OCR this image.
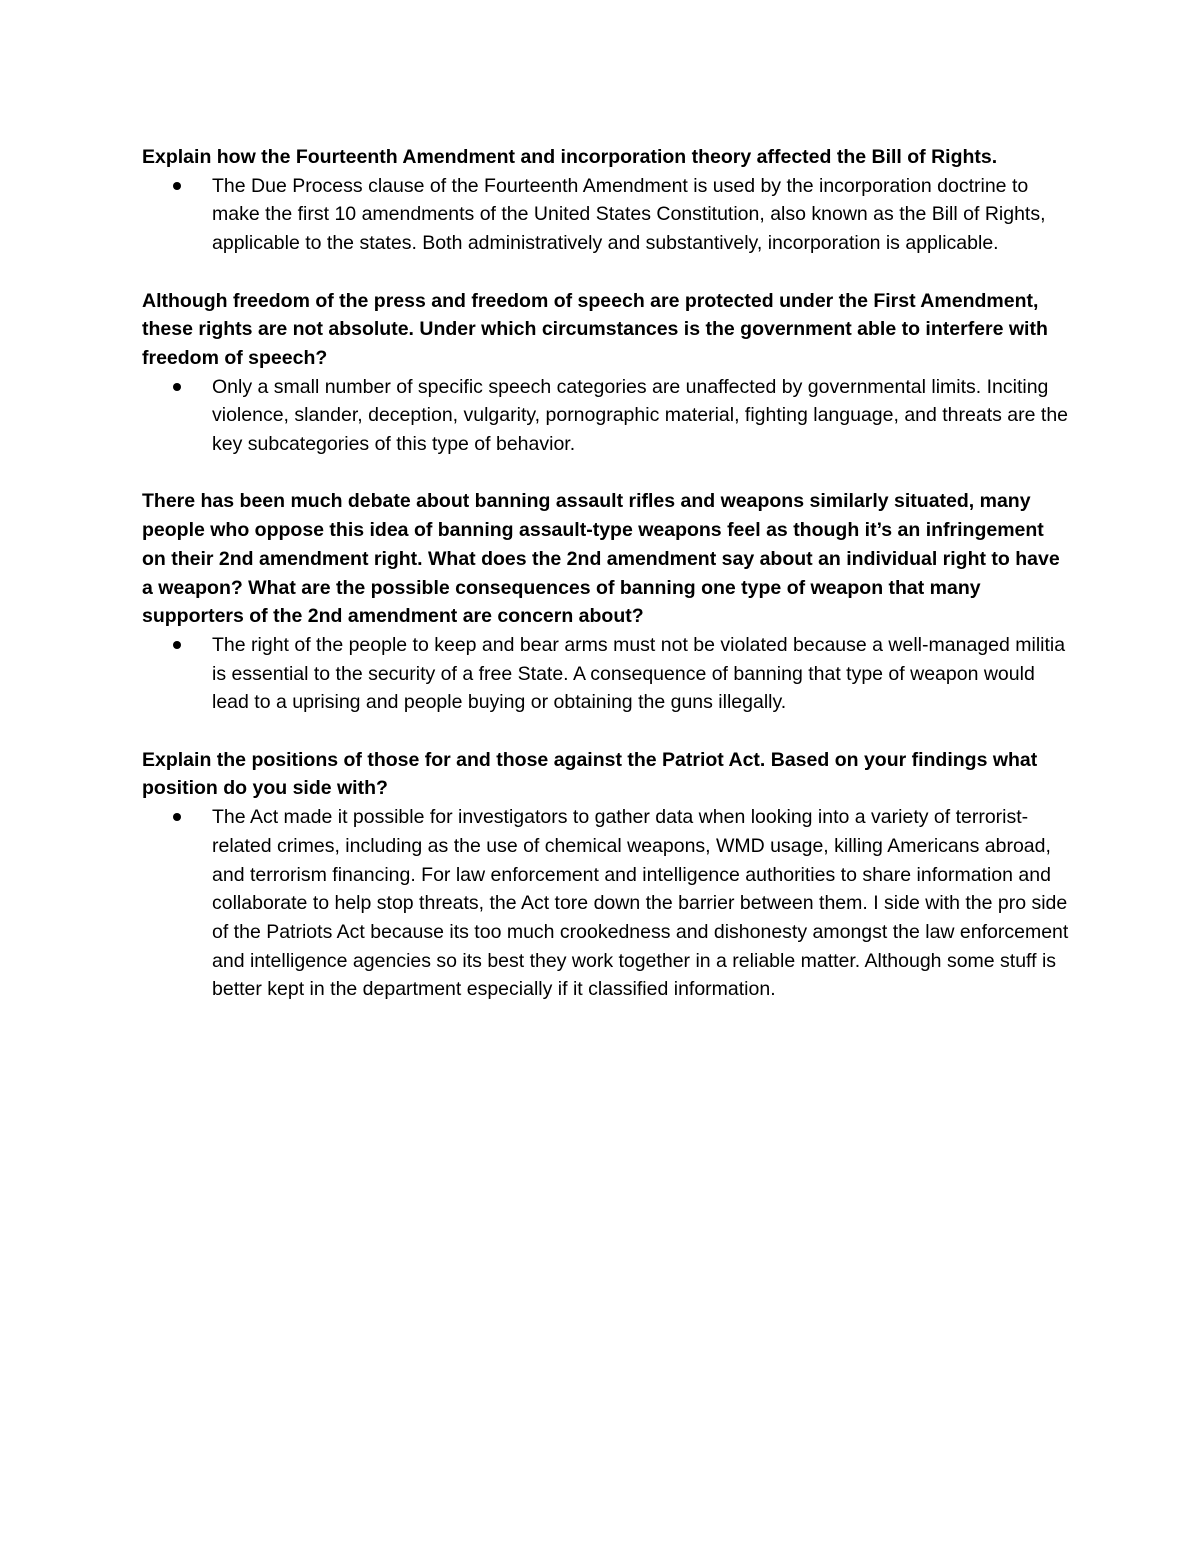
Explain how the Fourteenth Amendment and incorporation theory affected the Bill of Rights.

The Due Process clause of the Fourteenth Amendment is used by the incorporation doctrine to make the first 10 amendments of the United States Constitution, also known as the Bill of Rights, applicable to the states. Both administratively and substantively, incorporation is applicable.

Although freedom of the press and freedom of speech are protected under the First Amendment, these rights are not absolute. Under which circumstances is the government able to interfere with freedom of speech?

Only a small number of specific speech categories are unaffected by governmental limits. Inciting violence, slander, deception, vulgarity, pornographic material, fighting language, and threats are the key subcategories of this type of behavior.

There has been much debate about banning assault rifles and weapons similarly situated, many people who oppose this idea of banning assault-type weapons feel as though it’s an infringement on their 2nd amendment right. What does the 2nd amendment say about an individual right to have a weapon? What are the possible consequences of banning one type of weapon that many supporters of the 2nd amendment are concern about?

The right of the people to keep and bear arms must not be violated because a well-managed militia is essential to the security of a free State. A consequence of banning that type of weapon would lead to a uprising and people buying or obtaining the guns illegally.

Explain the positions of those for and those against the Patriot Act. Based on your findings what position do you side with?

The Act made it possible for investigators to gather data when looking into a variety of terrorist-related crimes, including as the use of chemical weapons, WMD usage, killing Americans abroad, and terrorism financing. For law enforcement and intelligence authorities to share information and collaborate to help stop threats, the Act tore down the barrier between them. I side with the pro side of the Patriots Act because its too much crookedness and dishonesty amongst the law enforcement and intelligence agencies so its best they work together in a reliable matter. Although some stuff is better kept in the department especially if it classified information.
